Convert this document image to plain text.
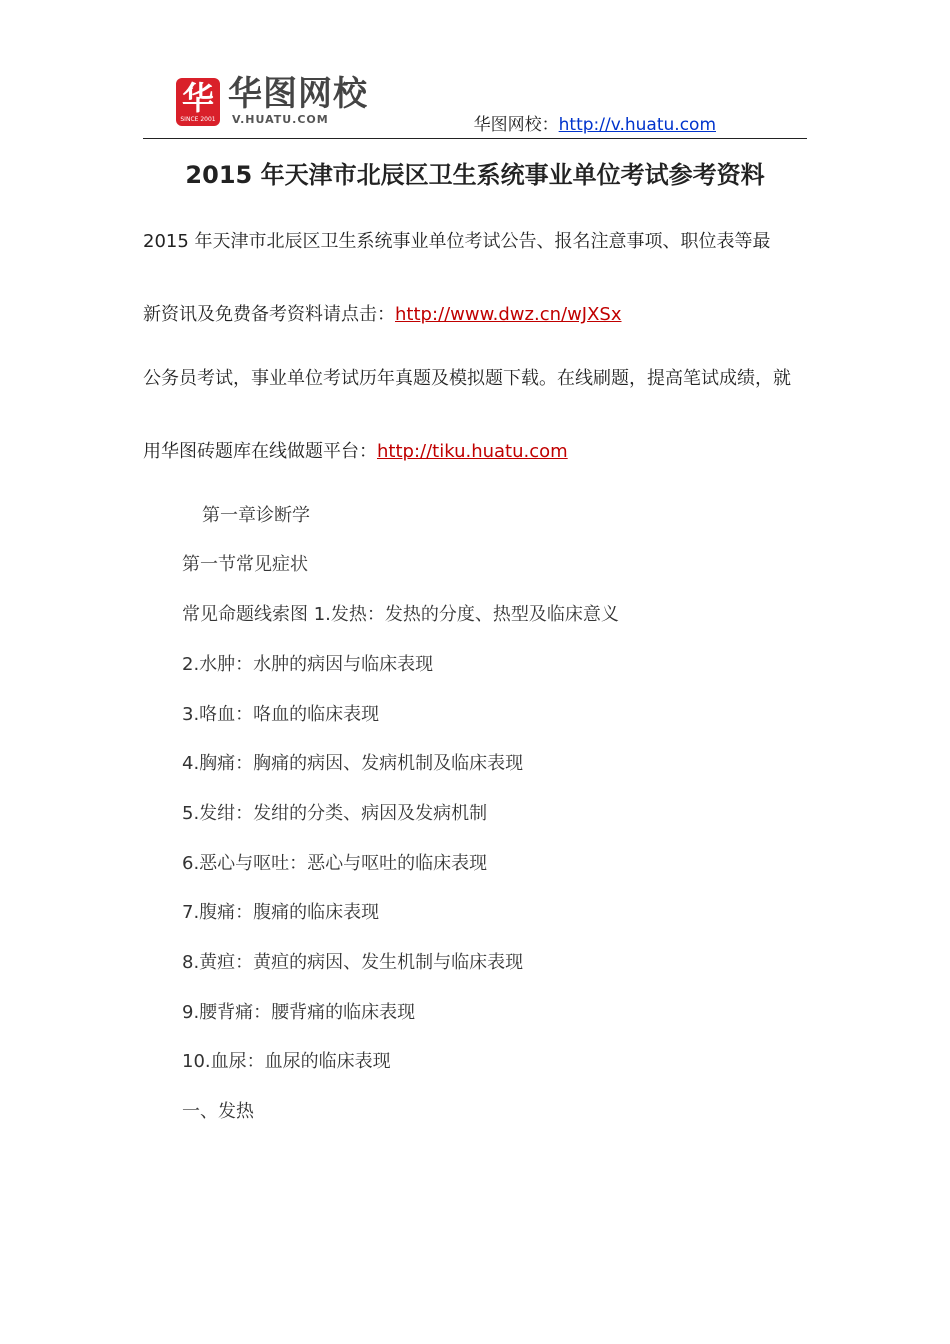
华
SINCE 2001
华图网校
V.HUATU.COM	华图网校：http://v.huatu.com
2015 年天津市北辰区卫生系统事业单位考试参考资料
2015 年天津市北辰区卫生系统事业单位考试公告、报名注意事项、职位表等最
新资讯及免费备考资料请点击：http://www.dwz.cn/wJXSx
公务员考试，事业单位考试历年真题及模拟题下载。在线刷题，提高笔试成绩，就
用华图砖题库在线做题平台：http://tiku.huatu.com
第一章诊断学
第一节常见症状
常见命题线索图 1.发热：发热的分度、热型及临床意义
2.水肿：水肿的病因与临床表现
3.咯血：咯血的临床表现
4.胸痛：胸痛的病因、发病机制及临床表现
5.发绀：发绀的分类、病因及发病机制
6.恶心与呕吐：恶心与呕吐的临床表现
7.腹痛：腹痛的临床表现
8.黄疸：黄疸的病因、发生机制与临床表现
9.腰背痛：腰背痛的临床表现
10.血尿：血尿的临床表现
一、发热
